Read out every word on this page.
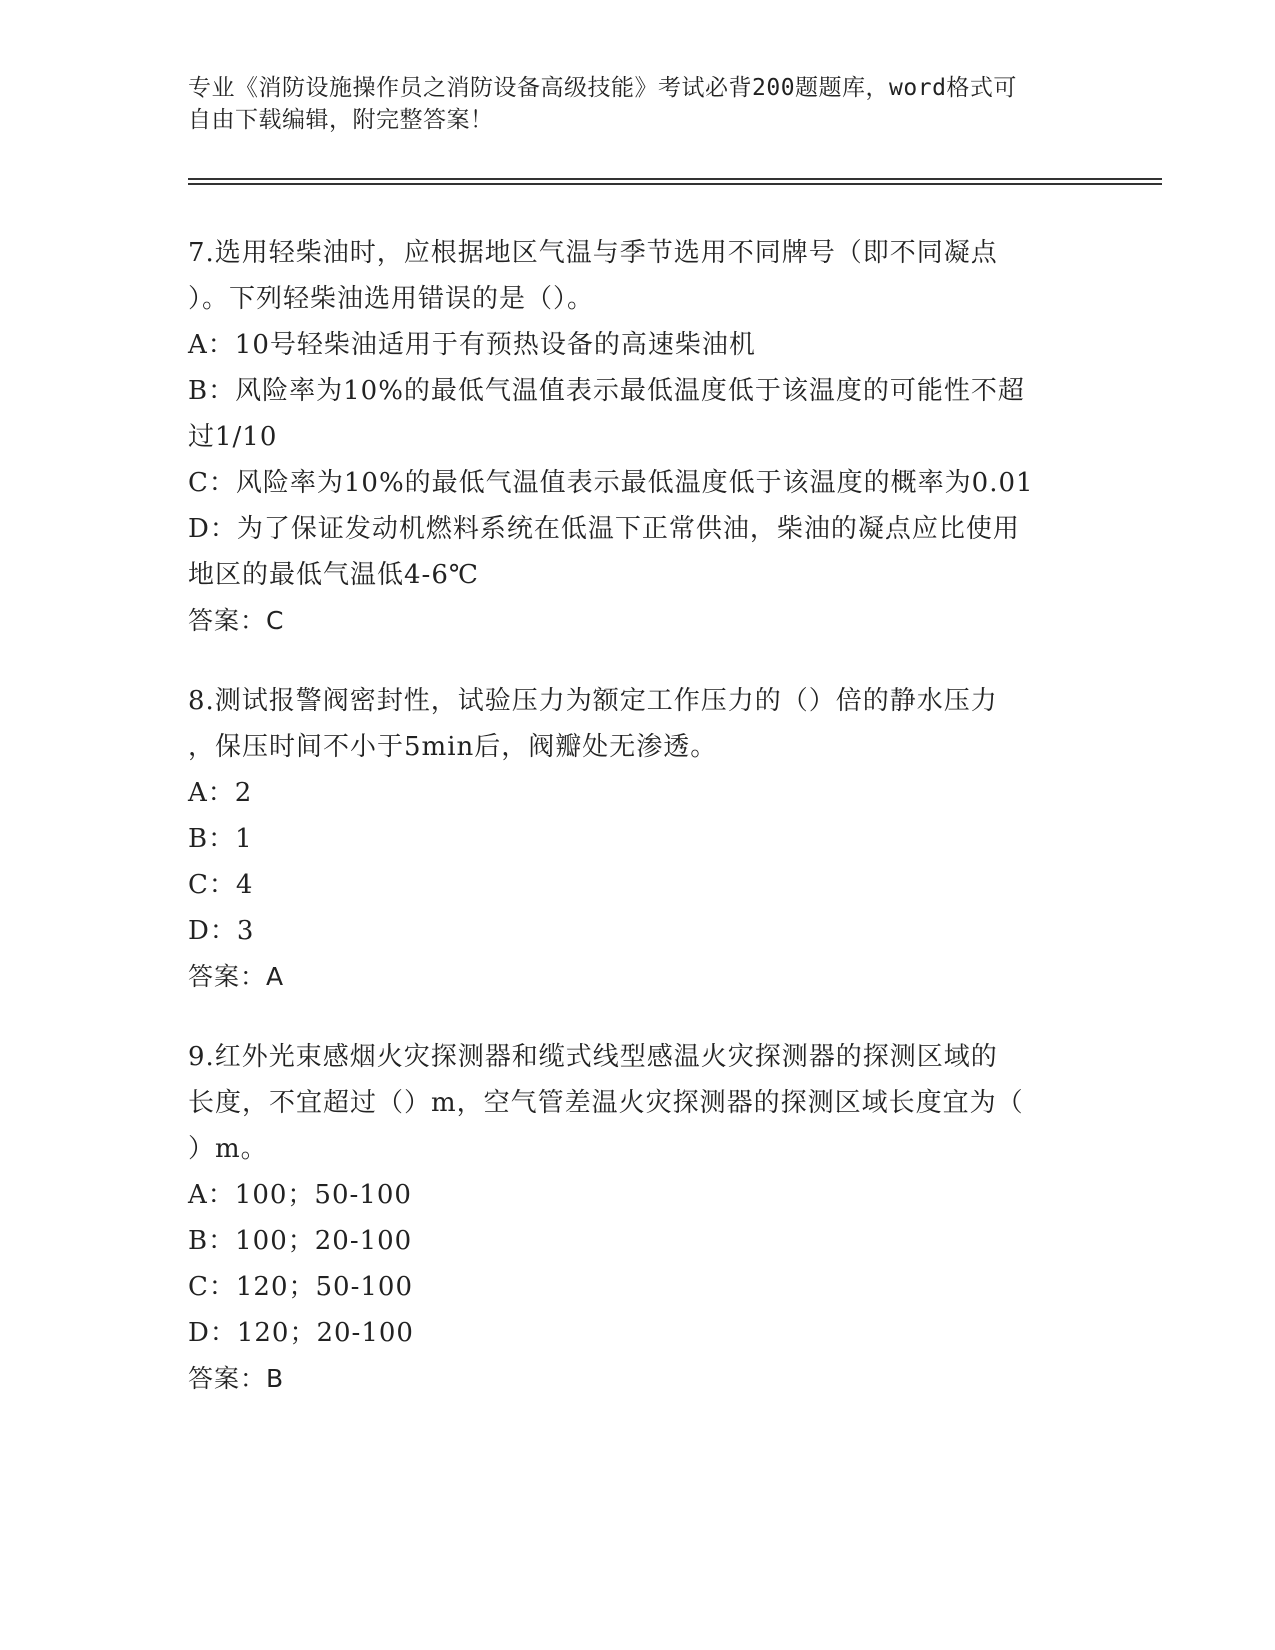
专业《消防设施操作员之消防设备高级技能》考试必背200题题库，word格式可
自由下载编辑，附完整答案！
7.选用轻柴油时，应根据地区气温与季节选用不同牌号（即不同凝点
）。下列轻柴油选用错误的是（）。
A：10号轻柴油适用于有预热设备的高速柴油机
B：风险率为10%的最低气温值表示最低温度低于该温度的可能性不超
过1/10
C：风险率为10%的最低气温值表示最低温度低于该温度的概率为0.01
D：为了保证发动机燃料系统在低温下正常供油，柴油的凝点应比使用
地区的最低气温低4-6℃
答案：C
8.测试报警阀密封性，试验压力为额定工作压力的（）倍的静水压力
，保压时间不小于5min后，阀瓣处无渗透。
A：2
B：1
C：4
D：3
答案：A
9.红外光束感烟火灾探测器和缆式线型感温火灾探测器的探测区域的
长度，不宜超过（）m，空气管差温火灾探测器的探测区域长度宜为（
）m。
A：100；50-100
B：100；20-100
C：120；50-100
D：120；20-100
答案：B
